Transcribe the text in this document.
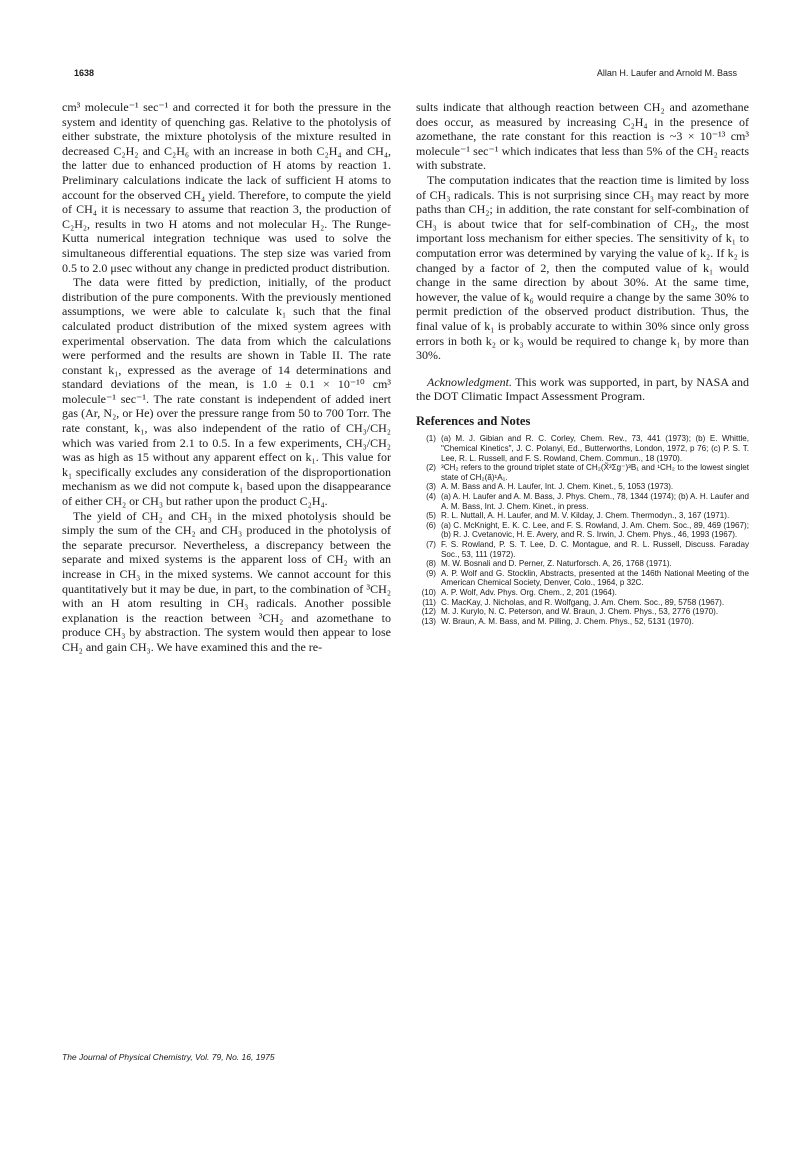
1638	Allan H. Laufer and Arnold M. Bass

cm³ molecule⁻¹ sec⁻¹ and corrected it for both the pressure in the system and identity of quenching gas. Relative to the photolysis of either substrate, the mixture photolysis of the mixture resulted in decreased C₂H₂ and C₂H₆ with an increase in both C₂H₄ and CH₄, the latter due to enhanced production of H atoms by reaction 1. Preliminary calculations indicate the lack of sufficient H atoms to account for the observed CH₄ yield. Therefore, to compute the yield of CH₄ it is necessary to assume that reaction 3, the production of C₂H₂, results in two H atoms and not molecular H₂. The Runge-Kutta numerical integration technique was used to solve the simultaneous differential equations. The step size was varied from 0.5 to 2.0 μsec without any change in predicted product distribution.

The data were fitted by prediction, initially, of the product distribution of the pure components. With the previously mentioned assumptions, we were able to calculate k₁ such that the final calculated product distribution of the mixed system agrees with experimental observation. The data from which the calculations were performed and the results are shown in Table II. The rate constant k₁, expressed as the average of 14 determinations and standard deviations of the mean, is 1.0 ± 0.1 × 10⁻¹⁰ cm³ molecule⁻¹ sec⁻¹. The rate constant is independent of added inert gas (Ar, N₂, or He) over the pressure range from 50 to 700 Torr. The rate constant, k₁, was also independent of the ratio of CH₃/CH₂ which was varied from 2.1 to 0.5. In a few experiments, CH₃/CH₂ was as high as 15 without any apparent effect on k₁. This value for k₁ specifically excludes any consideration of the disproportionation mechanism as we did not compute k₁ based upon the disappearance of either CH₂ or CH₃ but rather upon the product C₂H₄.

The yield of CH₂ and CH₃ in the mixed photolysis should be simply the sum of the CH₂ and CH₃ produced in the photolysis of the separate precursor. Nevertheless, a discrepancy between the separate and mixed systems is the apparent loss of CH₂ with an increase in CH₃ in the mixed systems. We cannot account for this quantitatively but it may be due, in part, to the combination of ³CH₂ with an H atom resulting in CH₃ radicals. Another possible explanation is the reaction between ³CH₂ and azomethane to produce CH₃ by abstraction. The system would then appear to lose CH₂ and gain CH₃. We have examined this and the re-

sults indicate that although reaction between CH₂ and azomethane does occur, as measured by increasing C₂H₄ in the presence of azomethane, the rate constant for this reaction is ~3 × 10⁻¹³ cm³ molecule⁻¹ sec⁻¹ which indicates that less than 5% of the CH₂ reacts with substrate.

The computation indicates that the reaction time is limited by loss of CH₃ radicals. This is not surprising since CH₃ may react by more paths than CH₂; in addition, the rate constant for self-combination of CH₃ is about twice that for self-combination of CH₂, the most important loss mechanism for either species. The sensitivity of k₁ to computation error was determined by varying the value of k₂. If k₂ is changed by a factor of 2, then the computed value of k₁ would change in the same direction by about 30%. At the same time, however, the value of k₆ would require a change by the same 30% to permit prediction of the observed product distribution. Thus, the final value of k₁ is probably accurate to within 30% since only gross errors in both k₂ or k₃ would be required to change k₁ by more than 30%.

Acknowledgment. This work was supported, in part, by NASA and the DOT Climatic Impact Assessment Program.

References and Notes
(1) (a) M. J. Gibian and R. C. Corley, Chem. Rev., 73, 441 (1973); (b) E. Whittle, "Chemical Kinetics", J. C. Polanyi, Ed., Butterworths, London, 1972, p 76; (c) P. S. T. Lee, R. L. Russell, and F. S. Rowland, Chem. Commun., 18 (1970).
(2) ³CH₂ refers to the ground triplet state of CH₂(X̃³Σg⁻)³B₁ and ¹CH₂ to the lowest singlet state of CH₂(ã)¹A₁.
(3) A. M. Bass and A. H. Laufer, Int. J. Chem. Kinet., 5, 1053 (1973).
(4) (a) A. H. Laufer and A. M. Bass, J. Phys. Chem., 78, 1344 (1974); (b) A. H. Laufer and A. M. Bass, Int. J. Chem. Kinet., in press.
(5) R. L. Nuttall, A. H. Laufer, and M. V. Kilday, J. Chem. Thermodyn., 3, 167 (1971).
(6) (a) C. McKnight, E. K. C. Lee, and F. S. Rowland, J. Am. Chem. Soc., 89, 469 (1967); (b) R. J. Cvetanovic, H. E. Avery, and R. S. Irwin, J. Chem. Phys., 46, 1993 (1967).
(7) F. S. Rowland, P. S. T. Lee, D. C. Montague, and R. L. Russell, Discuss. Faraday Soc., 53, 111 (1972).
(8) M. W. Bosnali and D. Perner, Z. Naturforsch. A, 26, 1768 (1971).
(9) A. P. Wolf and G. Stocklin, Abstracts, presented at the 146th National Meeting of the American Chemical Society, Denver, Colo., 1964, p 32C.
(10) A. P. Wolf, Adv. Phys. Org. Chem., 2, 201 (1964).
(11) C. MacKay, J. Nicholas, and R. Wolfgang, J. Am. Chem. Soc., 89, 5758 (1967).
(12) M. J. Kurylo, N. C. Peterson, and W. Braun, J. Chem. Phys., 53, 2776 (1970).
(13) W. Braun, A. M. Bass, and M. Pilling, J. Chem. Phys., 52, 5131 (1970).
The Journal of Physical Chemistry, Vol. 79, No. 16, 1975
